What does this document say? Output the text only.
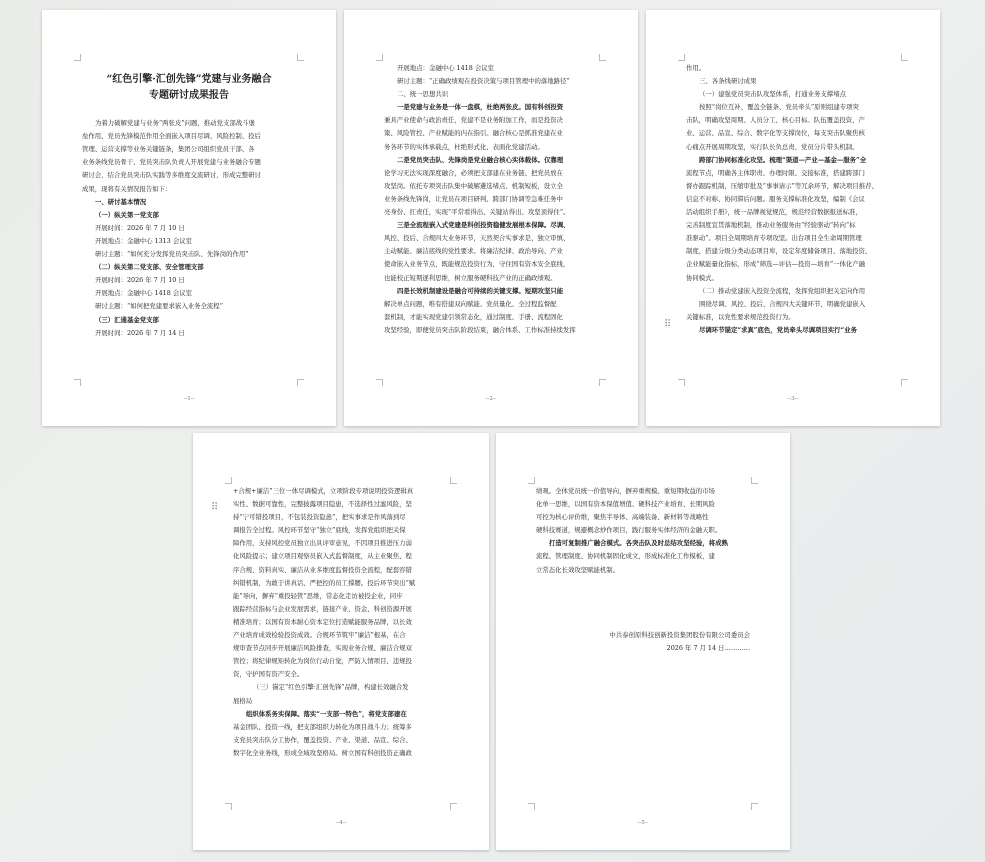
“红色引擎·汇创先锋”党建与业务融合
专题研讨成果报告

为着力破解党建与业务“两张皮”问题，推动党支部战斗堡
垒作用、党员先锋模范作用全面嵌入项目尽调、风险控制、投后
管理、运营支撑等业务关键链条，集团公司组织党员干部、各
业务条线党员骨干、党员突击队负责人开展党建与业务融合专题
研讨会，结合党员突击队实践等多维度交流研讨，形成完整研讨
成果，现将有关情况报告如下：
一、研讨基本情况
（一）纵关第一党支部
开展时间：2026 年 7 月 10 日
开展地点：金融中心 1313 会议室
研讨主题：“如何充分发挥党员突击队、先锋岗的作用”
（二）纵关第二党支部、安全管理支部
开展时间：2026 年 7 月 10 日
开展地点：金融中心 1418 会议室
研讨主题：“如何把党建要求嵌入业务全流程”
（三）汇通基金党支部
开展时间：2026 年 7 月 14 日
--1--
开展地点：金融中心 1418 会议室
研讨主题：“正确政绩观在投资决策与项目管理中的落地路径”
二、统一思想共识
一是党建与业务是一体一盘棋，杜绝两张皮。国有科创投资
兼具产业使命与政治责任，党建不是业务附加工作，而是投资决
策、风险管控、产业赋能的内在指引。融合核心是抓准党建在业
务各环节的实体承载点，杜绝形式化、表面化党建活动。
二是党员突击队、先锋岗是党业融合核心实体载体。仅靠理
论学习无法实现深度融合，必须把支部建在业务链、把党员放在
攻坚岗。依托专项突击队集中破解遴选堵点、机制短板，设立全
业务条线先锋岗，让党员在项目研判、跨部门协调等急难任务中
亮身份、扛责任，实现“平常看得出、关键站得出、攻坚顶得住”。
三是全流程嵌入式党建是科创投资稳健发展根本保障。尽调、
风控、投后、合规四大业务环节，天然契合实事求是、独立审慎、
主动赋能、廉洁底线的党性要求。将廉洁纪律、政治导向、产业
使命嵌入业务节点，既能规范投资行为，守住国有资本安全底线，
也能校正短期逐利思维，树立服务硬科技产业的正确政绩观。
四是长效机制建设是融合可持续的关键支撑。短期攻坚只能
解决单点问题，唯有搭建双向赋能、党员量化、全过程监督配
套机制，才能实现党建引领常态化，通过制度、手册、流程固化
攻坚经验，即便党员突击队阶段结束，融合体系、工作标准持续发挥
--2--
作用。
三、各条线研讨成果
（一）建强党员突击队攻坚体系，打通业务支撑堵点
按照“岗位互补、覆盖全链条、党员牵头”原则组建专项突
击队，明确攻坚周期、人员分工、核心目标。队伍覆盖投资、产
业、运营、品宣、综合、数字化等支撑岗位，每支突击队聚焦核
心痛点开展周期攻坚，实行队长负总责、党员分片带头机制。
跨部门协同标准化攻坚。梳理“渠道—产业—基金—服务”全
流程节点，明确各主体职责、办理时限、交接标准，搭建跨部门
督办跟踪机制，压缩审批及“事事请示”等冗余环节，解决项目推荐、
信息不对称、协同滞后问题。服务支撑标准化攻坚，编制《会议
活动组织手册》，统一品牌视觉规范，规范经营数据报送标准，
完善制度宣贯落地机制，推动业务服务由“经验驱动”转向“标
准驱动”。项目全周期培育专项攻坚。出台项目全生命周期管理
制度，搭建分级分类动态项目库，设定年度储备项目、落地投资、
企业赋能量化指标，形成“筛选—评估—投资—培育”一体化产融
协同模式。
（二）推动党建嵌入投资全流程，发挥党组织把关定向作用
围绕尽调、风控、投后、合规四大关键环节，明确党建嵌入
关键标准，以党性要求规范投资行为。
尽调环节锚定“求真”底色，党员牵头尽调项目实行“业务
--3--
⠿
+合规+廉洁”三位一体尽调模式，立项阶段专项说明投资逻辑真
实性、数据可靠性，完整披露项目隐患，不选择性过滤风险，坚
持“宁可错投项目，不包装投资隐患”，把实事求是作风落到尽
调报告全过程。风控环节坚守“独立”底线，发挥党组织把关保
障作用，支持风控党员独立出具评审意见，不因项目推进压力弱
化风险提示；建立项目观察员嵌入式监督制度，从主业聚焦、程
序合规、资料真实、廉洁从业多维度监督投资全流程，配套容错
纠错机制，为敢于讲真话、严把控的员工撑腰。投后环节突出“赋
能”导向，摒弃“重投轻管”思维，常态化走访被投企业，同步
跟踪经营指标与企业发展需求，链接产业、资金、科创资源开展
精准培育；以国有资本耐心资本定位打造赋能服务品牌，以长效
产业培育成效检验投资成效。合规环节筑牢“廉洁”根基，在合
规审查节点同步开展廉洁风险排查，实现业务合规、廉洁合规双
管控；将纪律规矩转化为岗位行动自觉，严防人情项目、违规投
资，守护国有资产安全。
（三）锚定“红色引擎·汇创先锋”品牌，构建长效融合发
展格局
组织体系务实保障。落实“一支部一特色”，将党支部建在
基金团队、投资一线，把支部组织力转化为项目战斗力；统筹多
支党员突击队分工协作，覆盖投资、产业、渠道、品宣、综合、
数字化全业务线，形成全域攻坚格局。树立国有科创投资正确政
--4--
⠿
绩观。全体党员统一价值导向，摒弃重规模、重短期收益的市场
化单一思维，以国有资本保值增值、硬科技产业培育、长期风险
可控为核心评价维，聚焦半导体、高端装备、新材料等战略性
硬科技赛道，规避概念炒作项目，践行服务实体经济的金融天职。
打造可复制推广融合模式。各突击队及时总结攻坚经验，将成熟
流程、管理制度、协同机制固化成文，形成标准化工作模板，建
立常态化长效攻坚赋能机制。

中共泰创原科技创新投资集团股份有限公司委员会
2026 年 7 月 14 日…………
--5--
